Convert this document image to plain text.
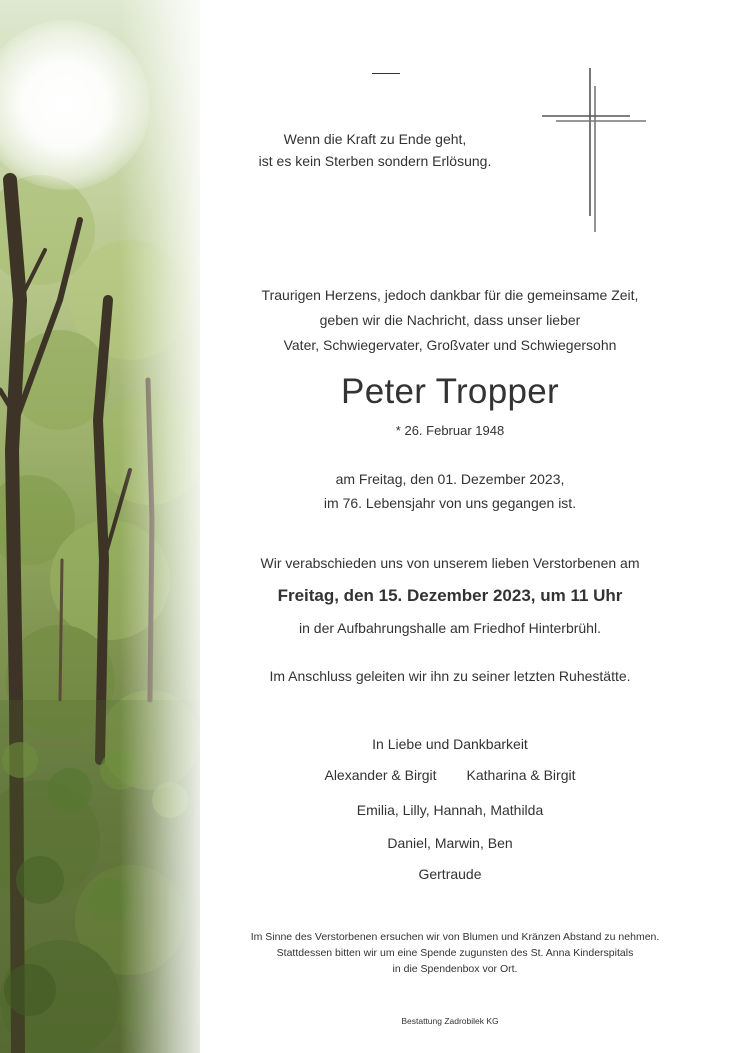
Wenn die Kraft zu Ende geht,
ist es kein Sterben sondern Erlösung.
Traurigen Herzens, jedoch dankbar für die gemeinsame Zeit,
geben wir die Nachricht, dass unser lieber
Vater, Schwiegervater, Großvater und Schwiegersohn
Peter Tropper
* 26. Februar 1948
am Freitag, den 01. Dezember 2023,
im 76. Lebensjahr von uns gegangen ist.
Wir verabschieden uns von unserem lieben Verstorbenen am
Freitag, den 15. Dezember 2023, um 11 Uhr
in der Aufbahrungshalle am Friedhof Hinterbrühl.
Im Anschluss geleiten wir ihn zu seiner letzten Ruhestätte.
In Liebe und Dankbarkeit
Alexander & Birgit Katharina & Birgit
Emilia, Lilly, Hannah, Mathilda
Daniel, Marwin, Ben
Gertraude
Im Sinne des Verstorbenen ersuchen wir von Blumen und Kränzen Abstand zu nehmen.
Stattdessen bitten wir um eine Spende zugunsten des St. Anna Kinderspitals
in die Spendenbox vor Ort.
Bestattung Zadrobilek KG
